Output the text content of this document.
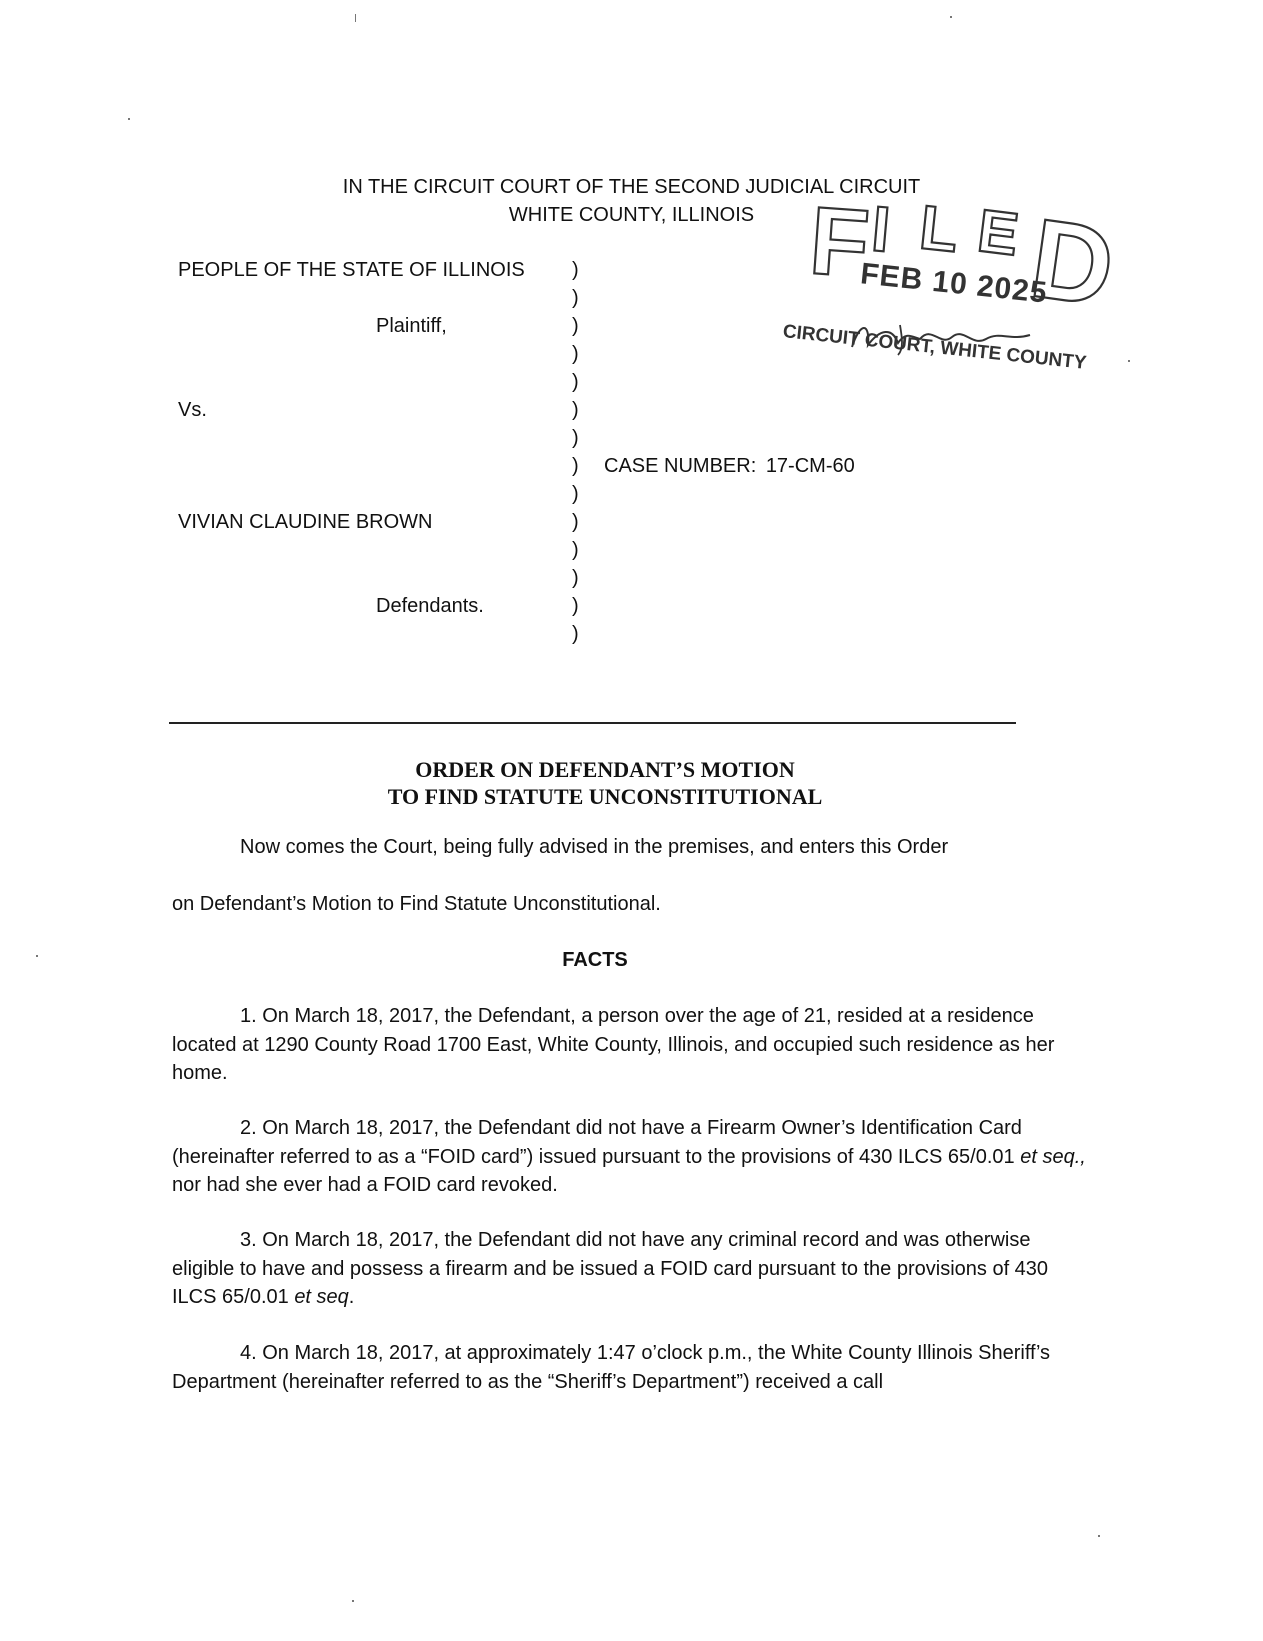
IN THE CIRCUIT COURT OF THE SECOND JUDICIAL CIRCUIT
WHITE COUNTY, ILLINOIS F
I L E D
FEB 10 2025
CIRCUIT COURT, WHITE COUNTY
PEOPLE OF THE STATE OF ILLINOIS
Plaintiff,
Vs.
VIVIAN CLAUDINE BROWN
Defendants.
)
)
)
)
)
)
)
)
)
)
)
)
)
)
CASE NUMBER: 17-CM-60
ORDER ON DEFENDANT’S MOTION
TO FIND STATUTE UNCONSTITUTIONAL
Now comes the Court, being fully advised in the premises, and enters this Order
on Defendant’s Motion to Find Statute Unconstitutional.
FACTS
1. On March 18, 2017, the Defendant, a person over the age of 21, resided at a residence located at 1290 County Road 1700 East, White County, Illinois, and occupied such residence as her home.
2. On March 18, 2017, the Defendant did not have a Firearm Owner’s Identification Card (hereinafter referred to as a “FOID card”) issued pursuant to the provisions of 430 ILCS 65/0.01 et seq., nor had she ever had a FOID card revoked.
3. On March 18, 2017, the Defendant did not have any criminal record and was otherwise eligible to have and possess a firearm and be issued a FOID card pursuant to the provisions of 430 ILCS 65/0.01 et seq.
4. On March 18, 2017, at approximately 1:47 o’clock p.m., the White County Illinois Sheriff’s Department (hereinafter referred to as the “Sheriff’s Department”) received a call
